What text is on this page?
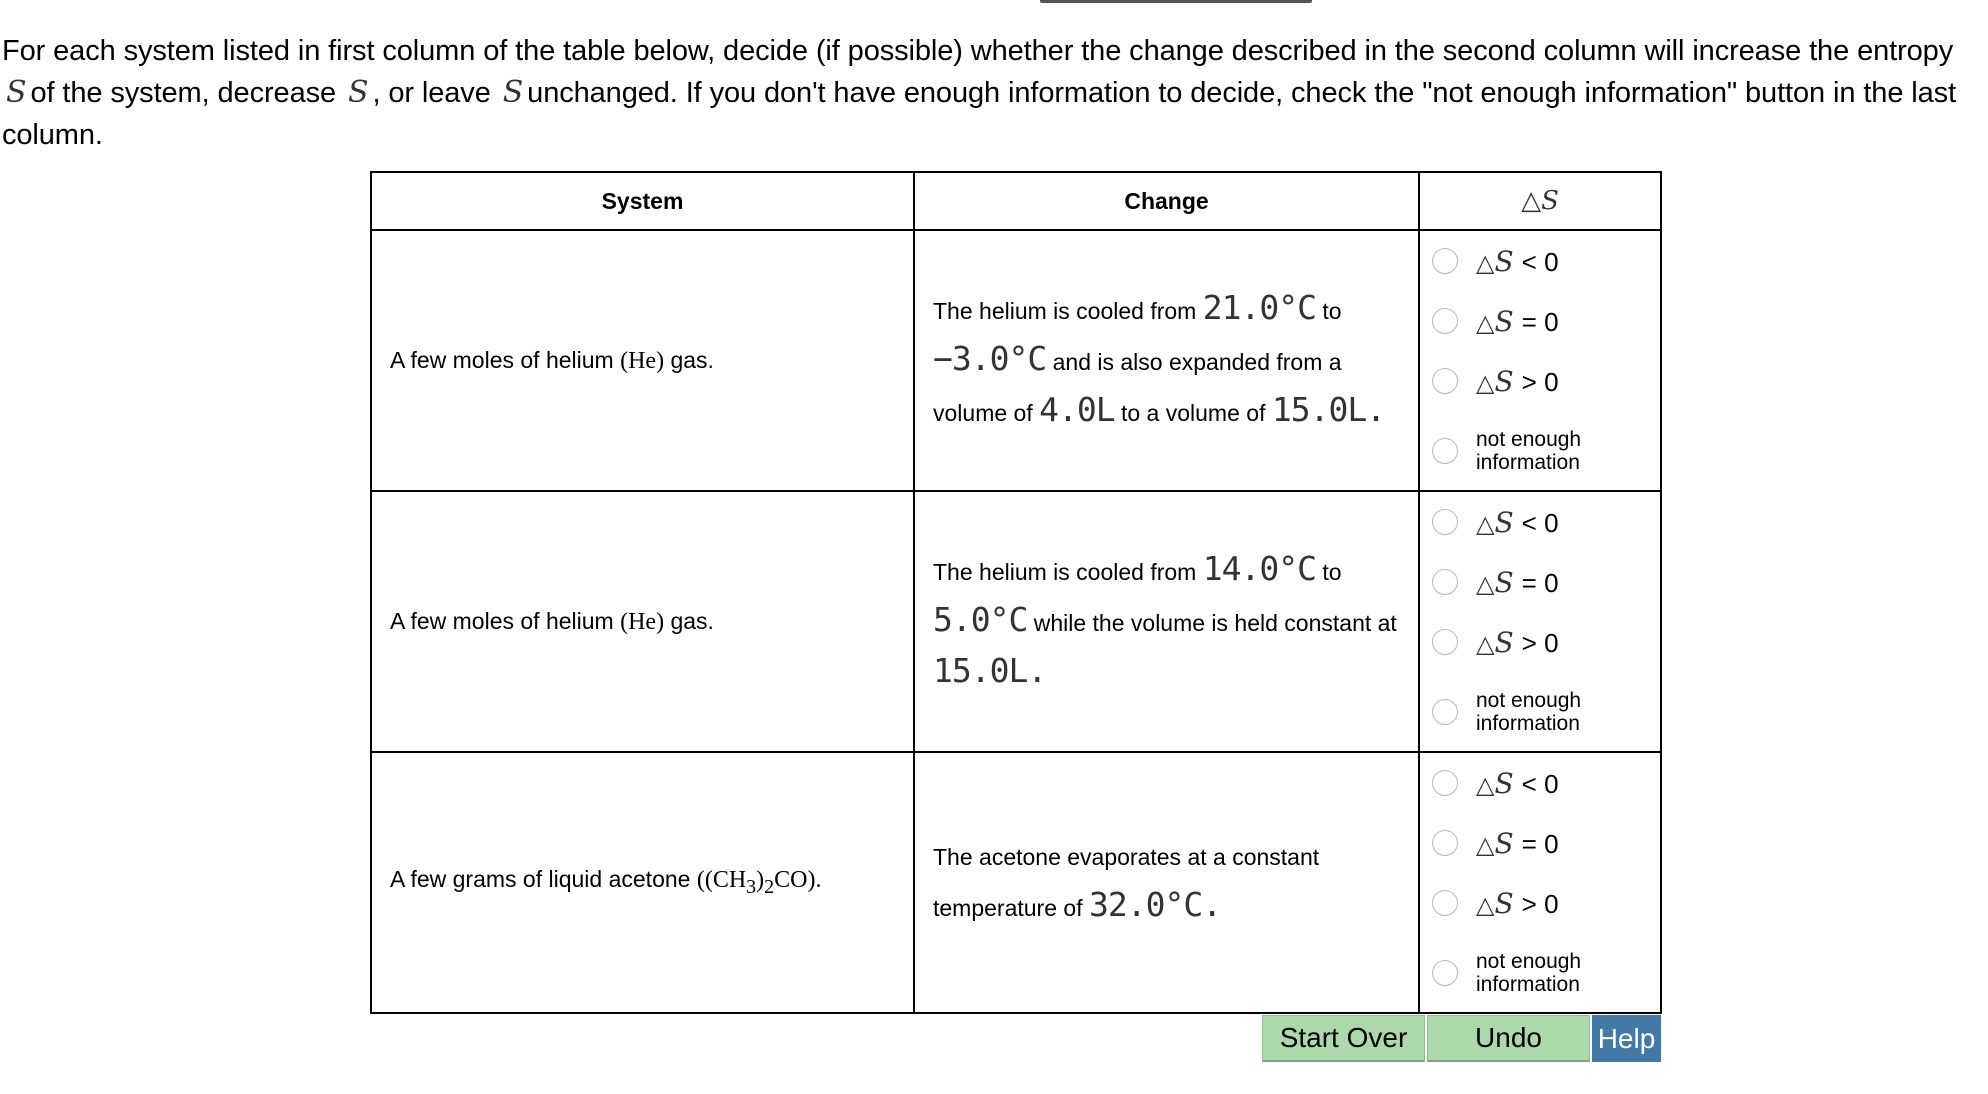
For each system listed in first column of the table below, decide (if possible) whether the change described in the second column will increase the entropy S of the system, decrease S , or leave S unchanged. If you don't have enough information to decide, check the "not enough information" button in the last column.
System	Change	△S
A few moles of helium (He) gas.	The helium is cooled from 21.0°C to −3.0°C and is also expanded from a volume of 4.0L to a volume of 15.0L.	△S < 0
△S = 0
△S > 0
not enough
information

A few moles of helium (He) gas.	The helium is cooled from 14.0°C to 5.0°C while the volume is held constant at 15.0L.	△S < 0
△S = 0
△S > 0
not enough
information

A few grams of liquid acetone $((CH_3)_2CO)$.	The acetone evaporates at a constant temperature of 32.0°C.	△S < 0
△S = 0
△S > 0
not enough
information
Start Over	Undo	Help
